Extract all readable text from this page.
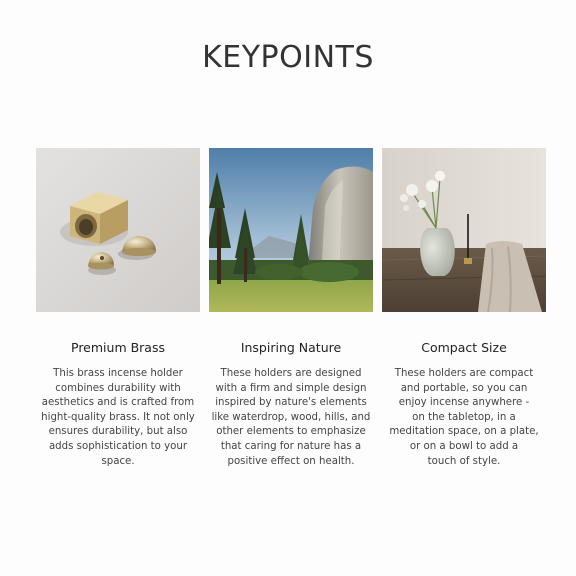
KEYPOINTS
Premium Brass
This brass incense holder
combines durability with
aesthetics and is crafted from
hight-quality brass. It not only
ensures durability, but also
adds sophistication to your
space.
Inspiring Nature
These holders are designed
with a firm and simple design
inspired by nature's elements
like waterdrop, wood, hills, and
other elements to emphasize
that caring for nature has a
positive effect on health.
Compact Size
These holders are compact
and portable, so you can
enjoy incense anywhere -
on the tabletop, in a
meditation space, on a plate,
or on a bowl to add a
touch of style.
